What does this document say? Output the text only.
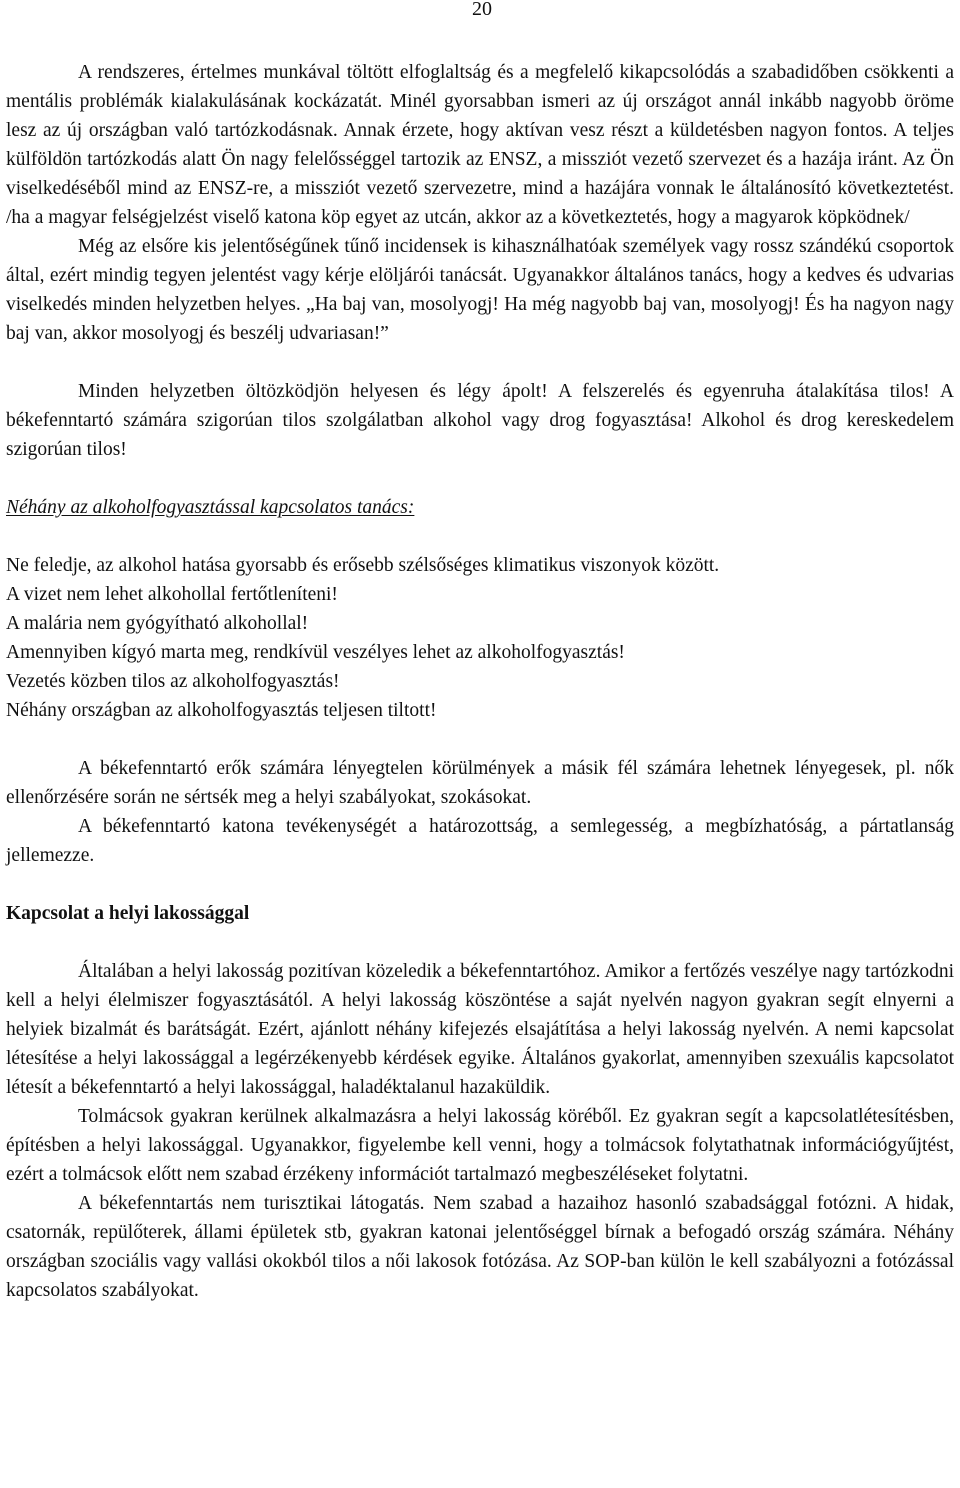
20

A rendszeres, értelmes munkával töltött elfoglaltság és a megfelelő kikapcsolódás a szabadidőben csökkenti a mentális problémák kialakulásának kockázatát. Minél gyorsabban ismeri az új országot annál inkább nagyobb öröme lesz az új országban való tartózkodásnak. Annak érzete, hogy aktívan vesz részt a küldetésben nagyon fontos. A teljes külföldön tartózkodás alatt Ön nagy felelősséggel tartozik az ENSZ, a missziót vezető szervezet és a hazája iránt. Az Ön viselkedéséből mind az ENSZ-re, a missziót vezető szervezetre, mind a hazájára vonnak le általánosító következtetést. /ha a magyar felségjelzést viselő katona köp egyet az utcán, akkor az a következtetés, hogy a magyarok köpködnek/

Még az elsőre kis jelentőségűnek tűnő incidensek is kihasználhatóak személyek vagy rossz szándékú csoportok által, ezért mindig tegyen jelentést vagy kérje elöljárói tanácsát. Ugyanakkor általános tanács, hogy a kedves és udvarias viselkedés minden helyzetben helyes. „Ha baj van, mosolyogj! Ha még nagyobb baj van, mosolyogj! És ha nagyon nagy baj van, akkor mosolyogj és beszélj udvariasan!”

Minden helyzetben öltözködjön helyesen és légy ápolt! A felszerelés és egyenruha átalakítása tilos! A békefenntartó számára szigorúan tilos szolgálatban alkohol vagy drog fogyasztása! Alkohol és drog kereskedelem szigorúan tilos!

Néhány az alkoholfogyasztással kapcsolatos tanács:

Ne feledje, az alkohol hatása gyorsabb és erősebb szélsőséges klimatikus viszonyok között.
A vizet nem lehet alkohollal fertőtleníteni!
A malária nem gyógyítható alkohollal!
Amennyiben kígyó marta meg, rendkívül veszélyes lehet az alkoholfogyasztás!
Vezetés közben tilos az alkoholfogyasztás!
Néhány országban az alkoholfogyasztás teljesen tiltott!

A békefenntartó erők számára lényegtelen körülmények a másik fél számára lehetnek lényegesek, pl. nők ellenőrzésére során ne sértsék meg a helyi szabályokat, szokásokat.

A békefenntartó katona tevékenységét a határozottság, a semlegesség, a megbízhatóság, a pártatlanság jellemezze.

Kapcsolat a helyi lakossággal

Általában a helyi lakosság pozitívan közeledik a békefenntartóhoz. Amikor a fertőzés veszélye nagy tartózkodni kell a helyi élelmiszer fogyasztásától. A helyi lakosság köszöntése a saját nyelvén nagyon gyakran segít elnyerni a helyiek bizalmát és barátságát. Ezért, ajánlott néhány kifejezés elsajátítása a helyi lakosság nyelvén. A nemi kapcsolat létesítése a helyi lakossággal a legérzékenyebb kérdések egyike. Általános gyakorlat, amennyiben szexuális kapcsolatot létesít a békefenntartó a helyi lakossággal, haladéktalanul hazaküldik.

Tolmácsok gyakran kerülnek alkalmazásra a helyi lakosság köréből. Ez gyakran segít a kapcsolatlétesítésben, építésben a helyi lakossággal. Ugyanakkor, figyelembe kell venni, hogy a tolmácsok folytathatnak információgyűjtést, ezért a tolmácsok előtt nem szabad érzékeny információt tartalmazó megbeszéléseket folytatni.

A békefenntartás nem turisztikai látogatás. Nem szabad a hazaihoz hasonló szabadsággal fotózni. A hidak, csatornák, repülőterek, állami épületek stb, gyakran katonai jelentőséggel bírnak a befogadó ország számára. Néhány országban szociális vagy vallási okokból tilos a női lakosok fotózása. Az SOP-ban külön le kell szabályozni a fotózással kapcsolatos szabályokat.
